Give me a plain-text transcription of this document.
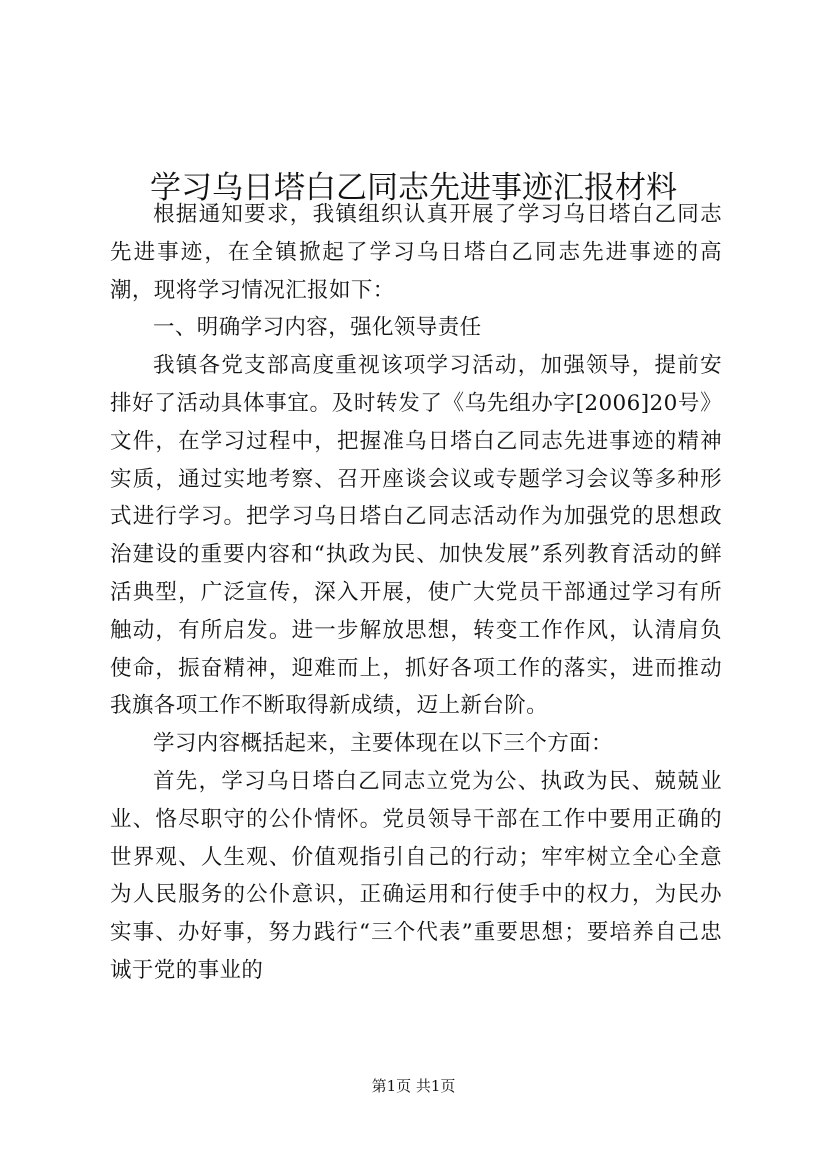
学习乌日塔白乙同志先进事迹汇报材料

根据通知要求，我镇组织认真开展了学习乌日塔白乙同志先进事迹，在全镇掀起了学习乌日塔白乙同志先进事迹的高潮，现将学习情况汇报如下：

一、明确学习内容，强化领导责任

我镇各党支部高度重视该项学习活动，加强领导，提前安排好了活动具体事宜。及时转发了《乌先组办字[2006]20号》文件，在学习过程中，把握准乌日塔白乙同志先进事迹的精神实质，通过实地考察、召开座谈会议或专题学习会议等多种形式进行学习。把学习乌日塔白乙同志活动作为加强党的思想政治建设的重要内容和“执政为民、加快发展”系列教育活动的鲜活典型，广泛宣传，深入开展，使广大党员干部通过学习有所触动，有所启发。进一步解放思想，转变工作作风，认清肩负使命，振奋精神，迎难而上，抓好各项工作的落实，进而推动我旗各项工作不断取得新成绩，迈上新台阶。

学习内容概括起来，主要体现在以下三个方面：

首先，学习乌日塔白乙同志立党为公、执政为民、兢兢业业、恪尽职守的公仆情怀。党员领导干部在工作中要用正确的世界观、人生观、价值观指引自己的行动；牢牢树立全心全意为人民服务的公仆意识，正确运用和行使手中的权力，为民办实事、办好事，努力践行“三个代表”重要思想；要培养自己忠诚于党的事业的

第1页 共1页
